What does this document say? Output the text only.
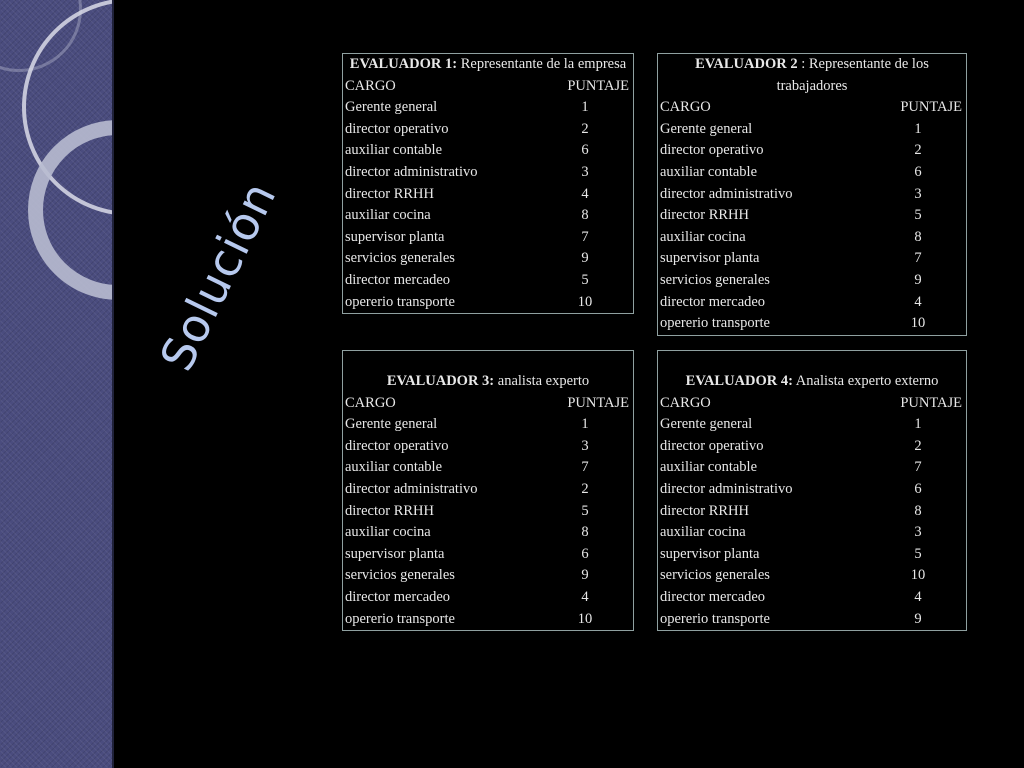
Solución
EVALUADOR 1: Representante de la empresa
CARGO	PUNTAJE
Gerente general	1
director operativo	2
auxiliar contable	6
director administrativo	3
director RRHH	4
auxiliar cocina	8
supervisor planta	7
servicios generales	9
director mercadeo	5
opererio transporte	10
EVALUADOR 2 : Representante de los trabajadores
CARGO	PUNTAJE
Gerente general	1
director operativo	2
auxiliar contable	6
director administrativo	3
director RRHH	5
auxiliar cocina	8
supervisor planta	7
servicios generales	9
director mercadeo	4
opererio transporte	10
EVALUADOR 3: analista experto
CARGO	PUNTAJE
Gerente general	1
director operativo	3
auxiliar contable	7
director administrativo	2
director RRHH	5
auxiliar cocina	8
supervisor planta	6
servicios generales	9
director mercadeo	4
opererio transporte	10
EVALUADOR 4: Analista experto externo
CARGO	PUNTAJE
Gerente general	1
director operativo	2
auxiliar contable	7
director administrativo	6
director RRHH	8
auxiliar cocina	3
supervisor planta	5
servicios generales	10
director mercadeo	4
opererio transporte	9
